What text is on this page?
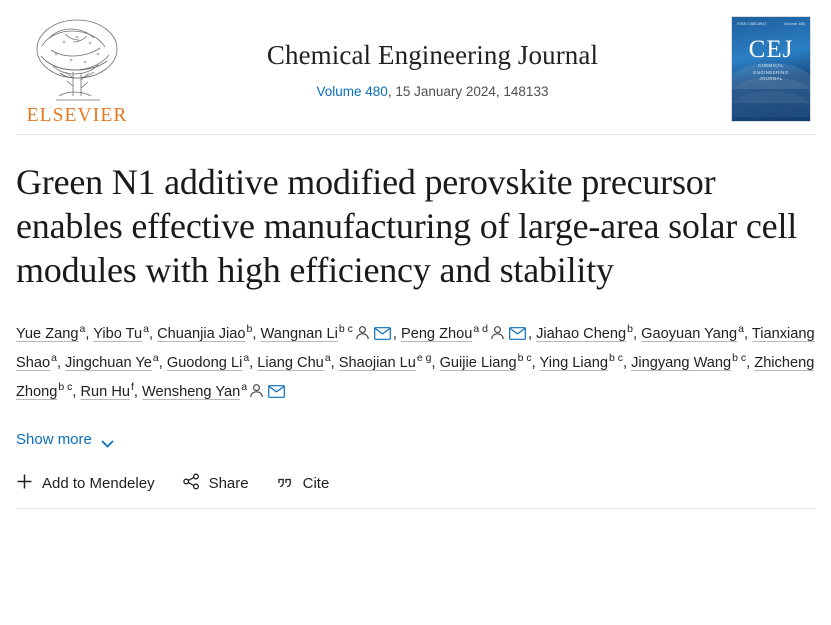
ELSEVIER
Chemical Engineering Journal
Volume 480, 15 January 2024, 148133
ISSN 1385-8947	Volume 480
CEJ
CHEMICAL
ENGINEERING
JOURNAL
Green N1 additive modified perovskite precursor enables effective manufacturing of large-area solar cell modules with high efficiency and stability
Yue Zang$^a$, Yibo Tu$^a$, Chuanjia Jiao$^b$, Wangnan Li$^{b c}$	, Peng Zhou$^{a d}$	, Jiahao Cheng$^b$, Gaoyuan Yang$^a$, Tianxiang Shao$^a$, Jingchuan Ye$^a$, Guodong Li$^a$, Liang Chu$^a$, Shaojian Lu$^{e g}$, Guijie Liang$^{b c}$, Ying Liang$^{b c}$, Jingyang Wang$^{b c}$, Zhicheng Zhong$^{b c}$, Run Hu$^f$, Wensheng Yan$^a$
Show more
Add to Mendeley	Share	Cite
